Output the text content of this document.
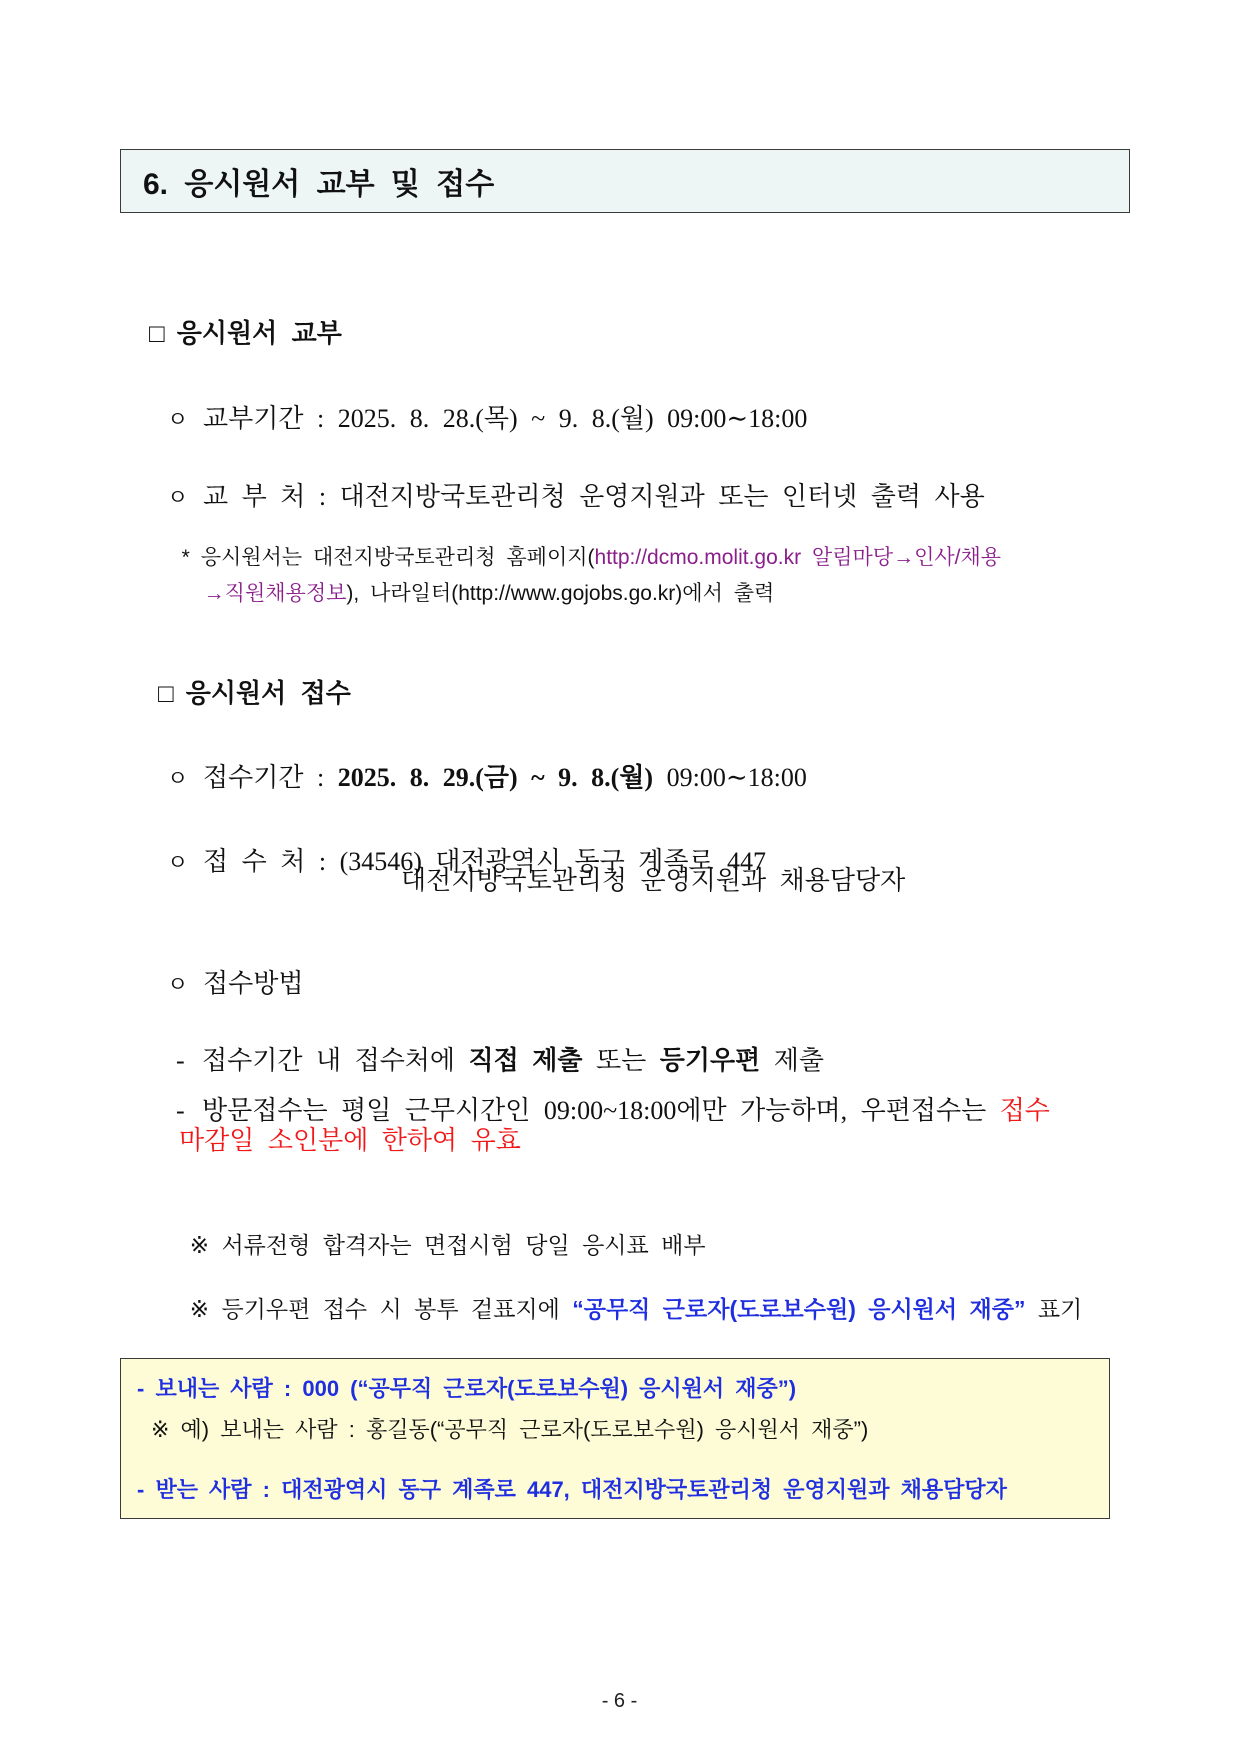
6. 응시원서 교부 및 접수

□ 응시원서 교부

ㅇ 교부기간 : 2025. 8. 28.(목) ~ 9. 8.(월) 09:00∼18:00

ㅇ 교 부 처 : 대전지방국토관리청 운영지원과 또는 인터넷 출력 사용

* 응시원서는 대전지방국토관리청 홈페이지(http://dcmo.molit.go.kr 알림마당→인사/채용

→직원채용정보), 나라일터(http://www.gojobs.go.kr)에서 출력

□ 응시원서 접수

ㅇ 접수기간 : 2025. 8. 29.(금) ~ 9. 8.(월) 09:00∼18:00

ㅇ 접 수 처 : (34546) 대전광역시 동구 계족로 447

대전지방국토관리청 운영지원과 채용담당자

ㅇ 접수방법

- 접수기간 내 접수처에 직접 제출 또는 등기우편 제출

- 방문접수는 평일 근무시간인 09:00~18:00에만 가능하며, 우편접수는 접수

마감일 소인분에 한하여 유효

※ 서류전형 합격자는 면접시험 당일 응시표 배부

※ 등기우편 접수 시 봉투 겉표지에 “공무직 근로자(도로보수원) 응시원서 재중” 표기

- 보내는 사람 : 000 (“공무직 근로자(도로보수원) 응시원서 재중”)
※ 예) 보내는 사람 : 홍길동(“공무직 근로자(도로보수원) 응시원서 재중”)
- 받는 사람 : 대전광역시 동구 계족로 447, 대전지방국토관리청 운영지원과 채용담당자
- 6 -
